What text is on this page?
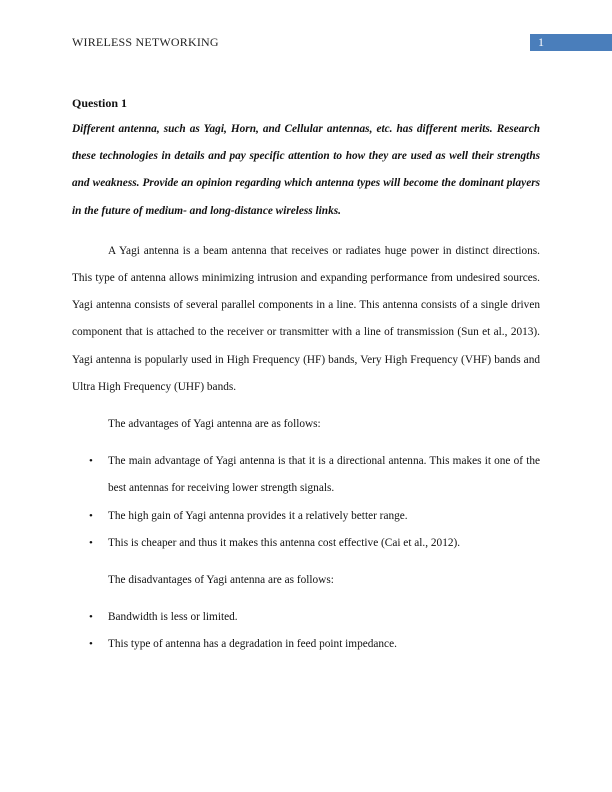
WIRELESS NETWORKING	1
Question 1

Different antenna, such as Yagi, Horn, and Cellular antennas, etc. has different merits. Research these technologies in details and pay specific attention to how they are used as well their strengths and weakness. Provide an opinion regarding which antenna types will become the dominant players in the future of medium- and long-distance wireless links.

A Yagi antenna is a beam antenna that receives or radiates huge power in distinct directions. This type of antenna allows minimizing intrusion and expanding performance from undesired sources. Yagi antenna consists of several parallel components in a line. This antenna consists of a single driven component that is attached to the receiver or transmitter with a line of transmission (Sun et al., 2013). Yagi antenna is popularly used in High Frequency (HF) bands, Very High Frequency (VHF) bands and Ultra High Frequency (UHF) bands.

The advantages of Yagi antenna are as follows:

• The main advantage of Yagi antenna is that it is a directional antenna. This makes it one of the best antennas for receiving lower strength signals.
• The high gain of Yagi antenna provides it a relatively better range.
• This is cheaper and thus it makes this antenna cost effective (Cai et al., 2012).

The disadvantages of Yagi antenna are as follows:

• Bandwidth is less or limited.
• This type of antenna has a degradation in feed point impedance.
